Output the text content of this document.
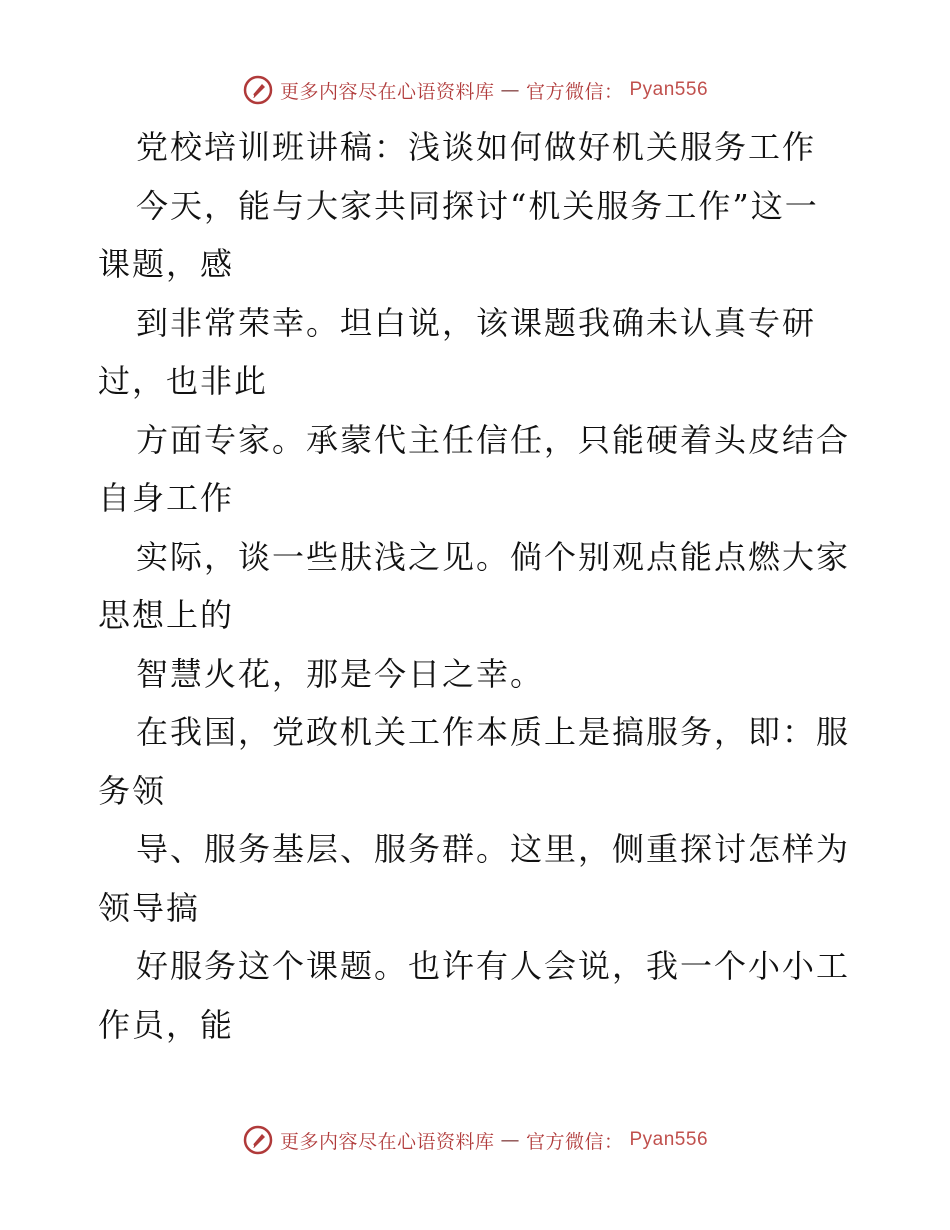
更多内容尽在心语资料库 — 官方微信： Pyan556
党校培训班讲稿：浅谈如何做好机关服务工作
今天，能与大家共同探讨“机关服务工作”这一
课题，感
到非常荣幸。坦白说，该课题我确未认真专研
过，也非此
方面专家。承蒙代主任信任，只能硬着头皮结合
自身工作
实际，谈一些肤浅之见。倘个别观点能点燃大家
思想上的
智慧火花，那是今日之幸。
在我国，党政机关工作本质上是搞服务，即：服
务领
导、服务基层、服务群。这里，侧重探讨怎样为
领导搞
好服务这个课题。也许有人会说，我一个小小工
作员，能
更多内容尽在心语资料库 — 官方微信： Pyan556
